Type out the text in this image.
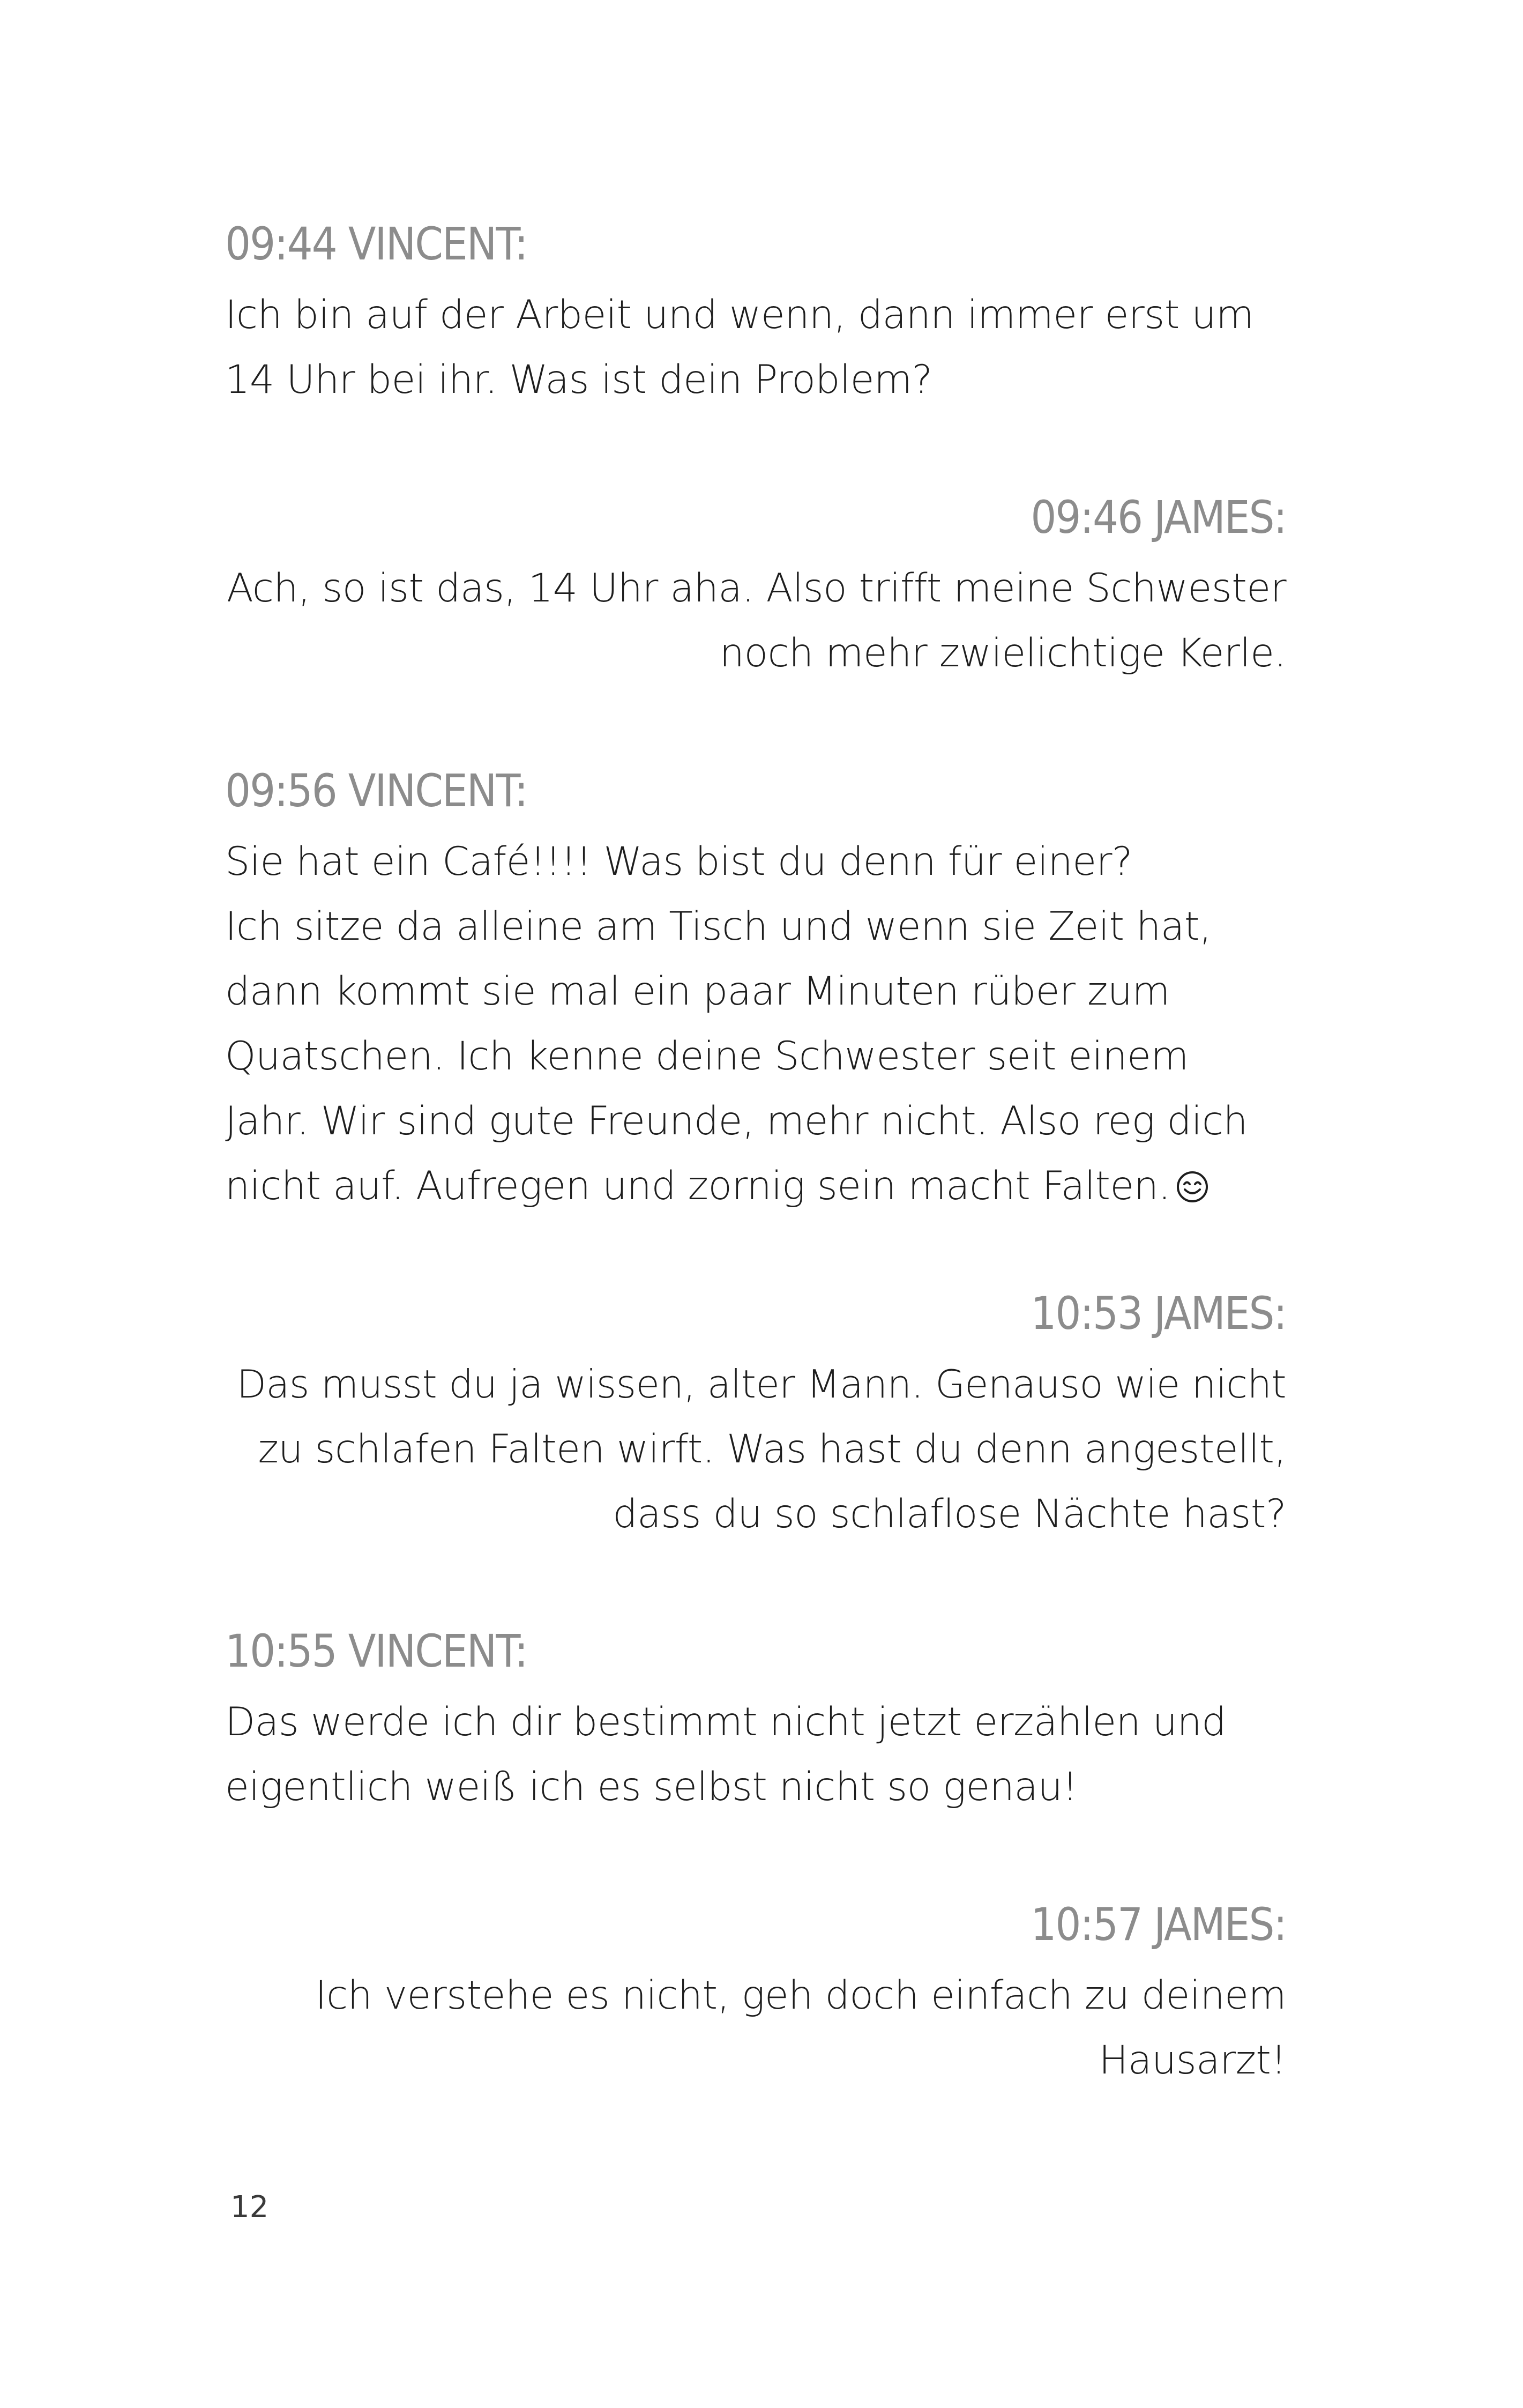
09:44 VINCENT:
Ich bin auf der Arbeit und wenn, dann immer erst um
14 Uhr bei ihr. Was ist dein Problem?
09:46 JAMES:
Ach, so ist das, 14 Uhr aha. Also trifft meine Schwester
noch mehr zwielichtige Kerle.
09:56 VINCENT:
Sie hat ein Café!!!! Was bist du denn für einer?
Ich sitze da alleine am Tisch und wenn sie Zeit hat,
dann kommt sie mal ein paar Minuten rüber zum
Quatschen. Ich kenne deine Schwester seit einem
Jahr. Wir sind gute Freunde, mehr nicht. Also reg dich
nicht auf. Aufregen und zornig sein macht Falten.
10:53 JAMES:
Das musst du ja wissen, alter Mann. Genauso wie nicht
zu schlafen Falten wirft. Was hast du denn angestellt,
dass du so schlaflose Nächte hast?
10:55 VINCENT:
Das werde ich dir bestimmt nicht jetzt erzählen und
eigentlich weiß ich es selbst nicht so genau!
10:57 JAMES:
Ich verstehe es nicht, geh doch einfach zu deinem
Hausarzt!
12
